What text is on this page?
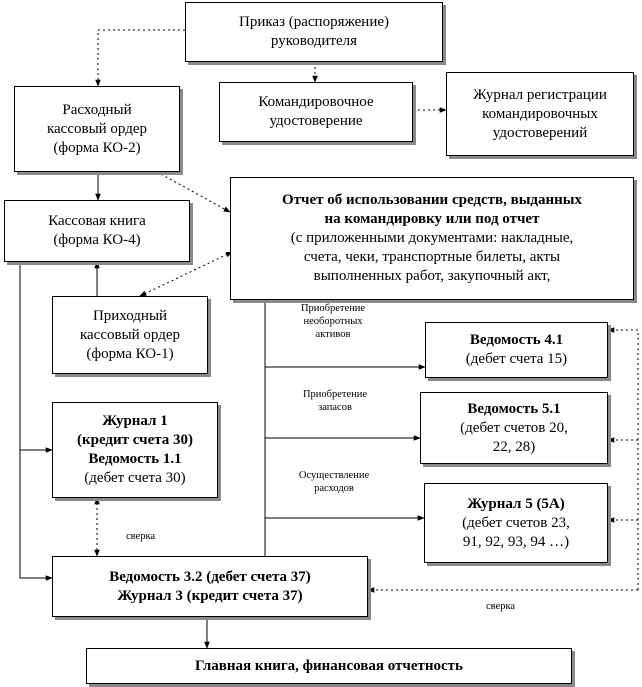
Приказ (распоряжение)
руководителя
Расходный
кассовый ордер
(форма КО-2)
Командировочное
удостоверение
Журнал регистрации
командировочных
удостоверений
Кассовая книга
(форма КО-4)
Отчет об использовании средств, выданных
на командировку или под отчет
(с приложенными документами: накладные,
счета, чеки, транспортные билеты, акты
выполненных работ, закупочный акт,
Приходный
кассовый ордер
(форма КО-1)
Ведомость 4.1
(дебет счета 15)
Ведомость 5.1
(дебет счетов 20,
22, 28)
Журнал 1
(кредит счета 30)
Ведомость 1.1
(дебет счета 30)
Журнал 5 (5А)
(дебет счетов 23,
91, 92, 93, 94 …)
Ведомость 3.2 (дебет счета 37)
Журнал 3 (кредит счета 37)
Главная книга, финансовая отчетность
Приобретение
необоротных
активов
Приобретение
запасов
Осуществление
расходов
сверка
сверка
